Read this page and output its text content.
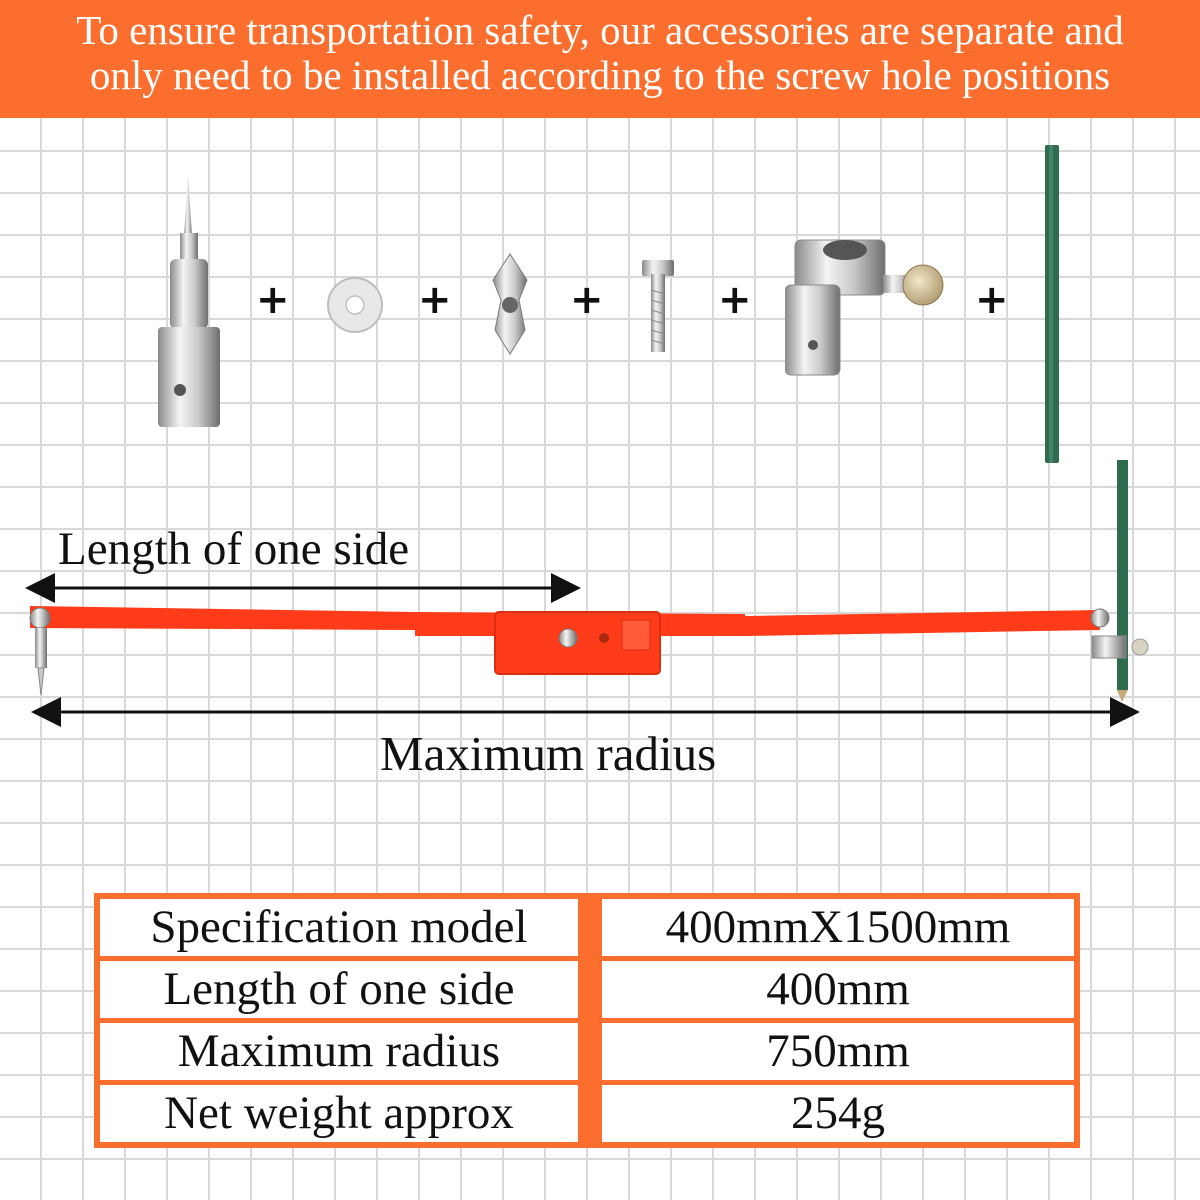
To ensure transportation safety, our accessories are separate and
only need to be installed according to the screw hole positions
+	+	+	+	+
Length of one side
Maximum radius
Specification model	400mmX1500mm
Length of one side	400mm
Maximum radius	750mm
Net weight approx	254g
